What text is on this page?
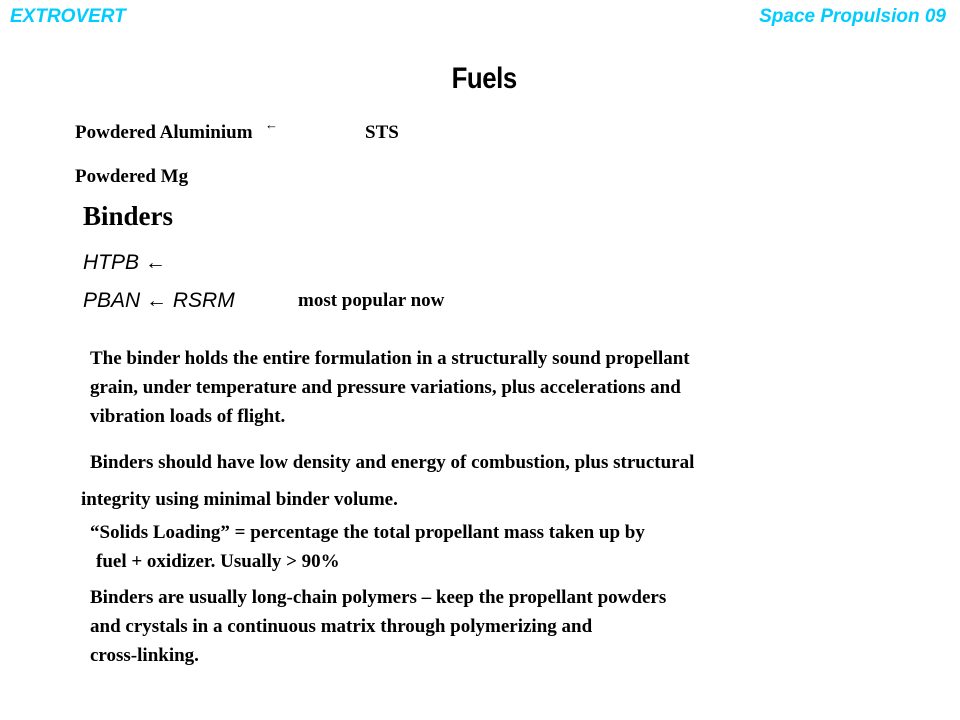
EXTROVERT	Space Propulsion 09
Fuels
Powdered Aluminium ←	STS
Powdered Mg
Binders
HTPB ←
PBAN ← RSRM	most popular now

The binder holds the entire formulation in a structurally sound propellant
grain, under temperature and pressure variations, plus accelerations and
vibration loads of flight.

Binders should have low density and energy of combustion, plus structural
integrity using minimal binder volume.

“Solids Loading” = percentage the total propellant mass taken up by
fuel + oxidizer. Usually > 90%

Binders are usually long-chain polymers – keep the propellant powders
and crystals in a continuous matrix through polymerizing and
cross-linking.
